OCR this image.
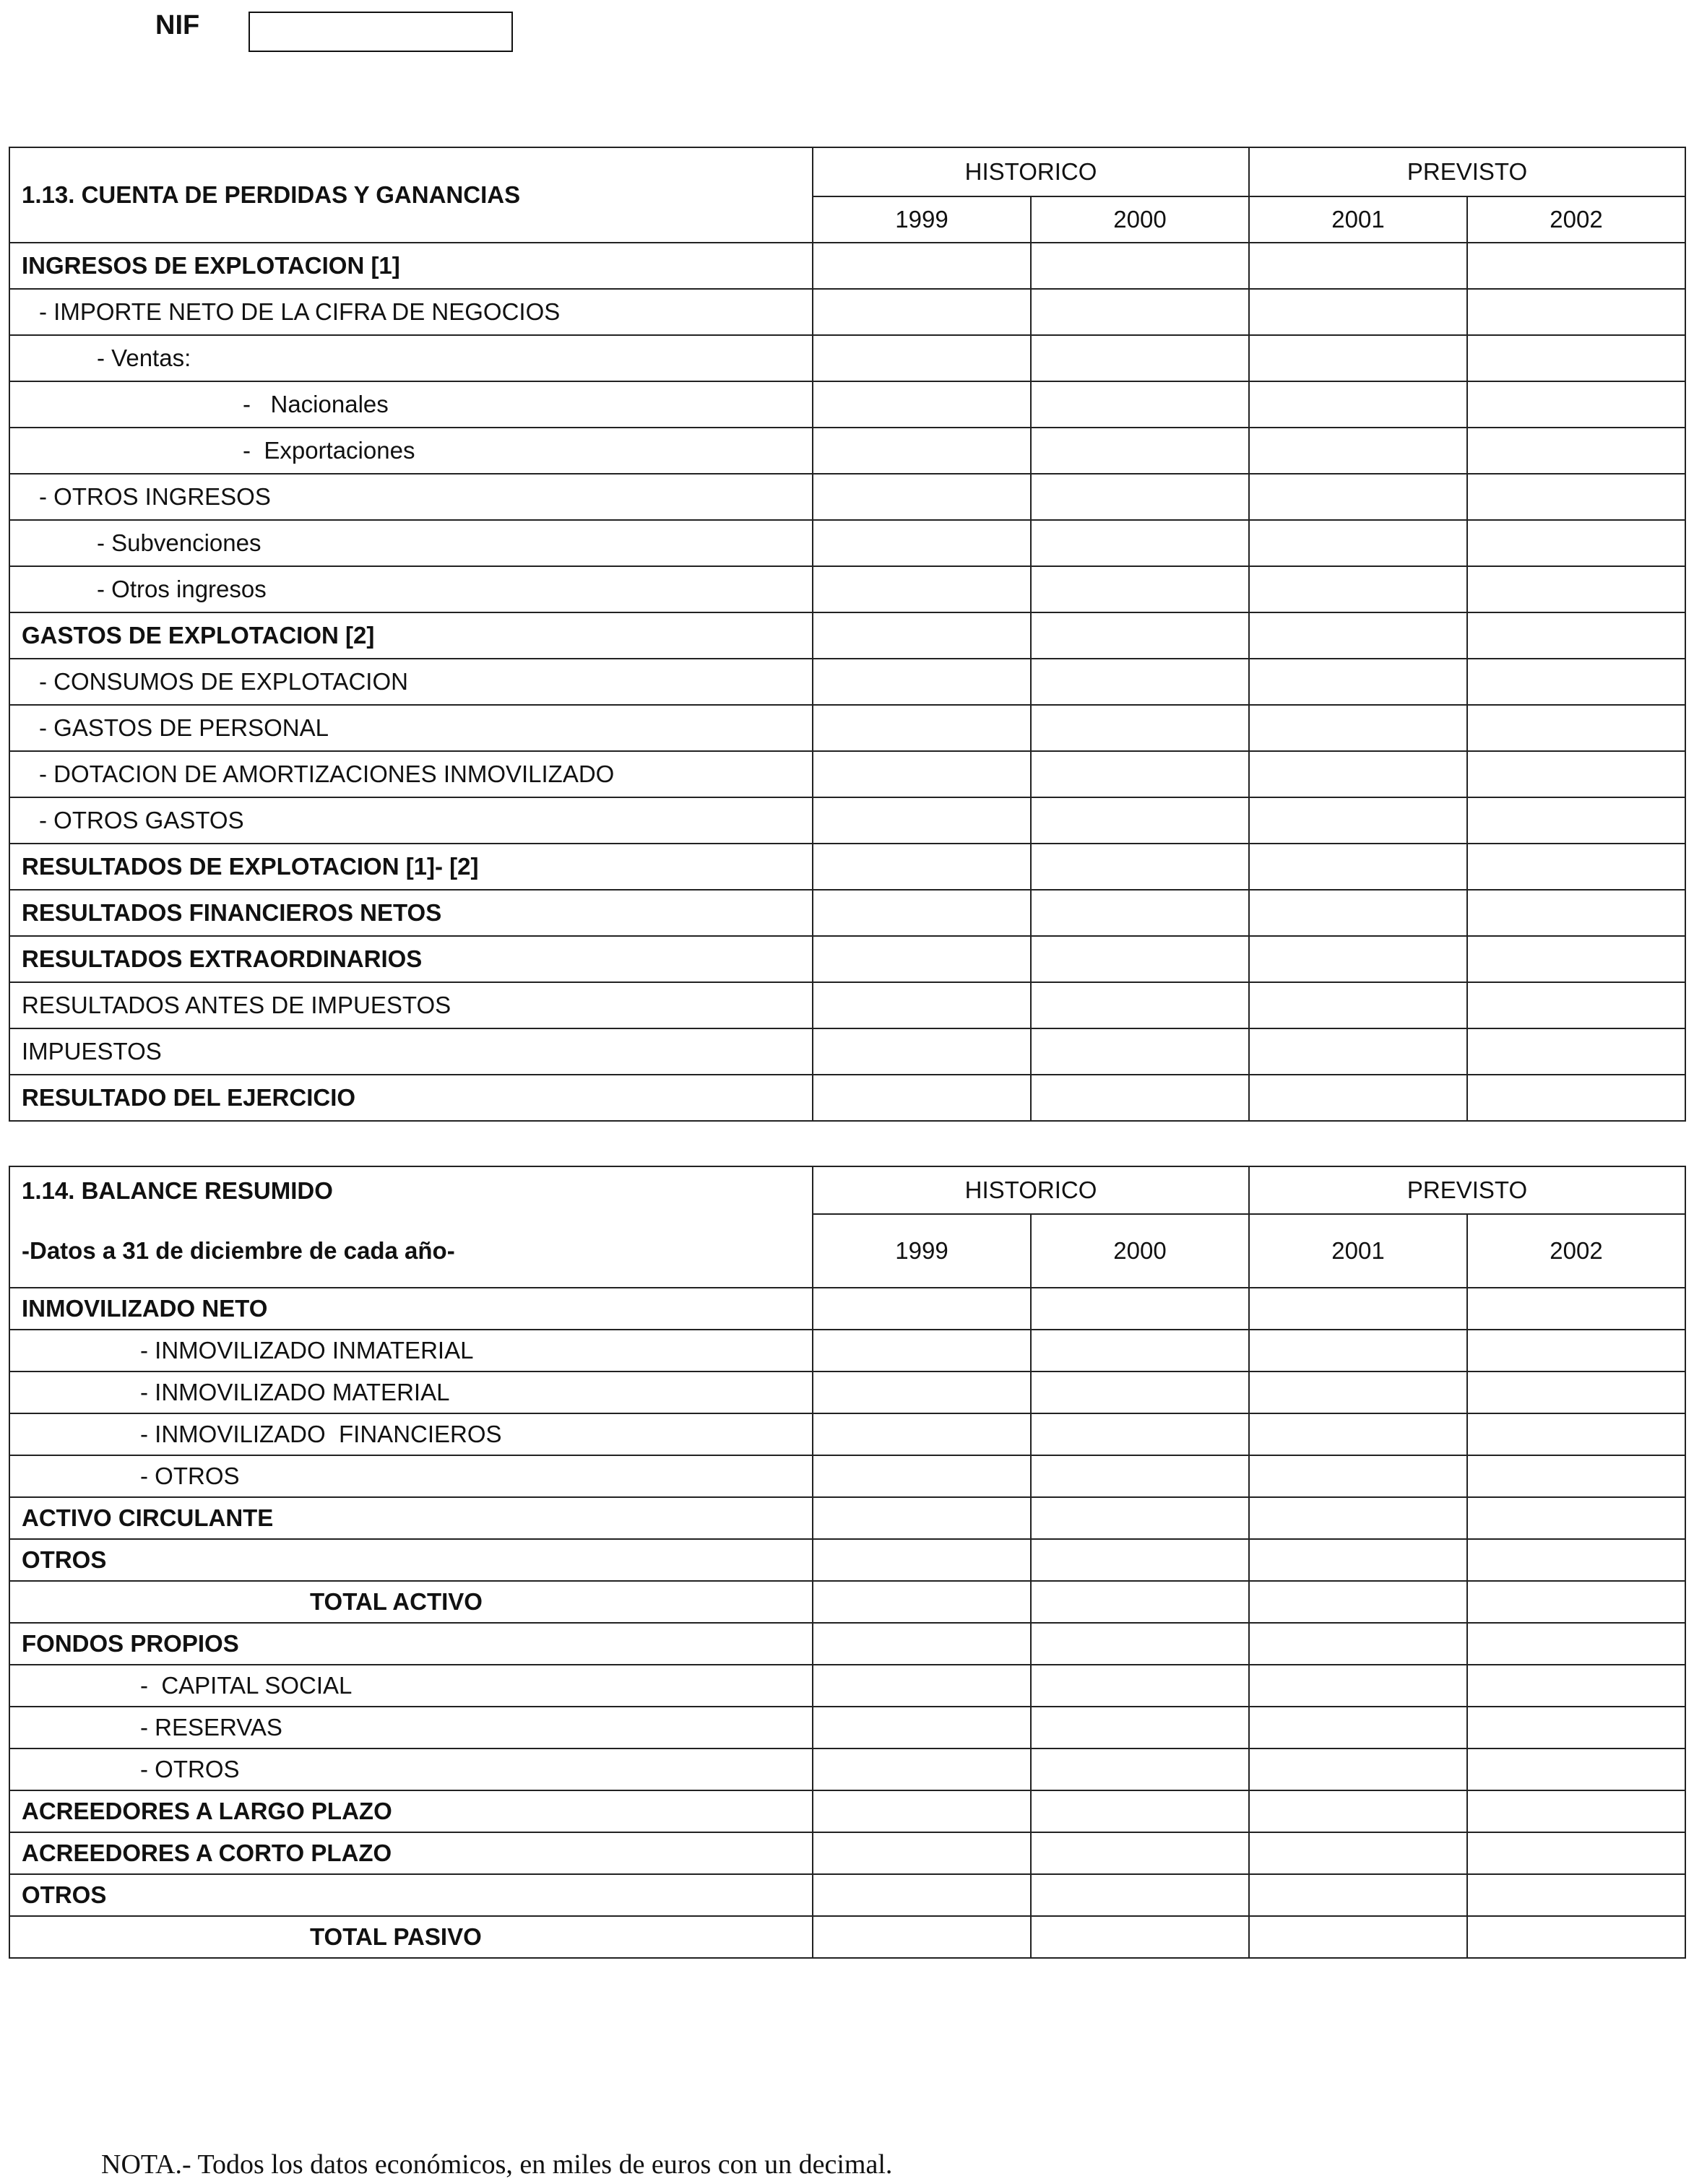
NIF
1.13. CUENTA DE PERDIDAS Y GANANCIAS	HISTORICO		PREVISTO	
	1999	2000	2001	2002
INGRESOS DE EXPLOTACION [1]				
- IMPORTE NETO DE LA CIFRA DE NEGOCIOS				
- Ventas:				
-   Nacionales				
-  Exportaciones				
- OTROS INGRESOS				
- Subvenciones				
- Otros ingresos				
GASTOS DE EXPLOTACION [2]				
- CONSUMOS DE EXPLOTACION				
- GASTOS DE PERSONAL				
- DOTACION DE AMORTIZACIONES INMOVILIZADO				
- OTROS GASTOS				
RESULTADOS DE EXPLOTACION [1]- [2]				
RESULTADOS FINANCIEROS NETOS				
RESULTADOS EXTRAORDINARIOS				
RESULTADOS ANTES DE IMPUESTOS				
IMPUESTOS				
RESULTADO DEL EJERCICIO				
1.14. BALANCE RESUMIDO	HISTORICO		PREVISTO	
-Datos a 31 de diciembre de cada año-	1999	2000	2001	2002
INMOVILIZADO NETO				
- INMOVILIZADO INMATERIAL				
- INMOVILIZADO MATERIAL				
- INMOVILIZADO  FINANCIEROS				
- OTROS				
ACTIVO CIRCULANTE				
OTROS				
TOTAL ACTIVO				
FONDOS PROPIOS				
-  CAPITAL SOCIAL				
- RESERVAS				
- OTROS				
ACREEDORES A LARGO PLAZO				
ACREEDORES A CORTO PLAZO				
OTROS				
TOTAL PASIVO				
NOTA.- Todos los datos económicos, en miles de euros con un decimal.
